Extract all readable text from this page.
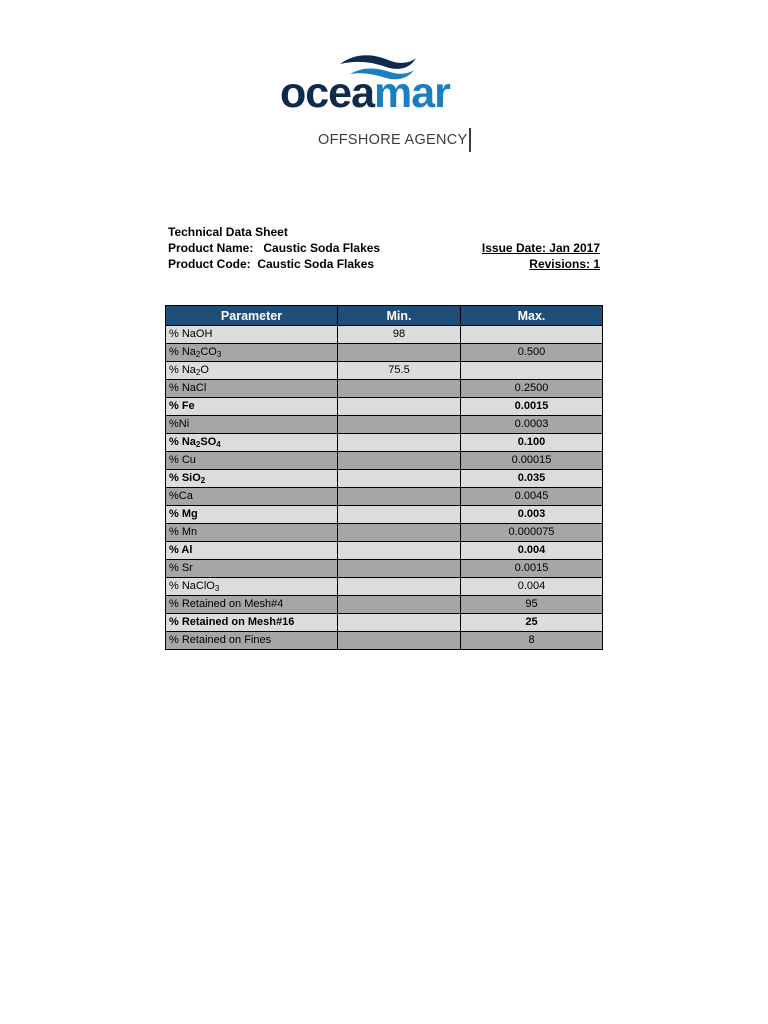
oceamar
OFFSHORE AGENCY
Technical Data Sheet
Product Name: Caustic Soda Flakes	Issue Date: Jan 2017
Product Code: Caustic Soda Flakes	Revisions: 1
Parameter	Min.	Max.
% NaOH	98	
% $Na_2CO_3$		0.500
% $Na_2O$	75.5	
% NaCl		0.2500
% Fe		0.0015
%Ni		0.0003
% $Na_2SO_4$		0.100
% Cu		0.00015
% SiO$_2$		0.035
%Ca		0.0045
% Mg		0.003
% Mn		0.000075
% Al		0.004
% Sr		0.0015
% NaClO$_3$		0.004
% Retained on Mesh#4		95
% Retained on Mesh#16		25
% Retained on Fines		8
